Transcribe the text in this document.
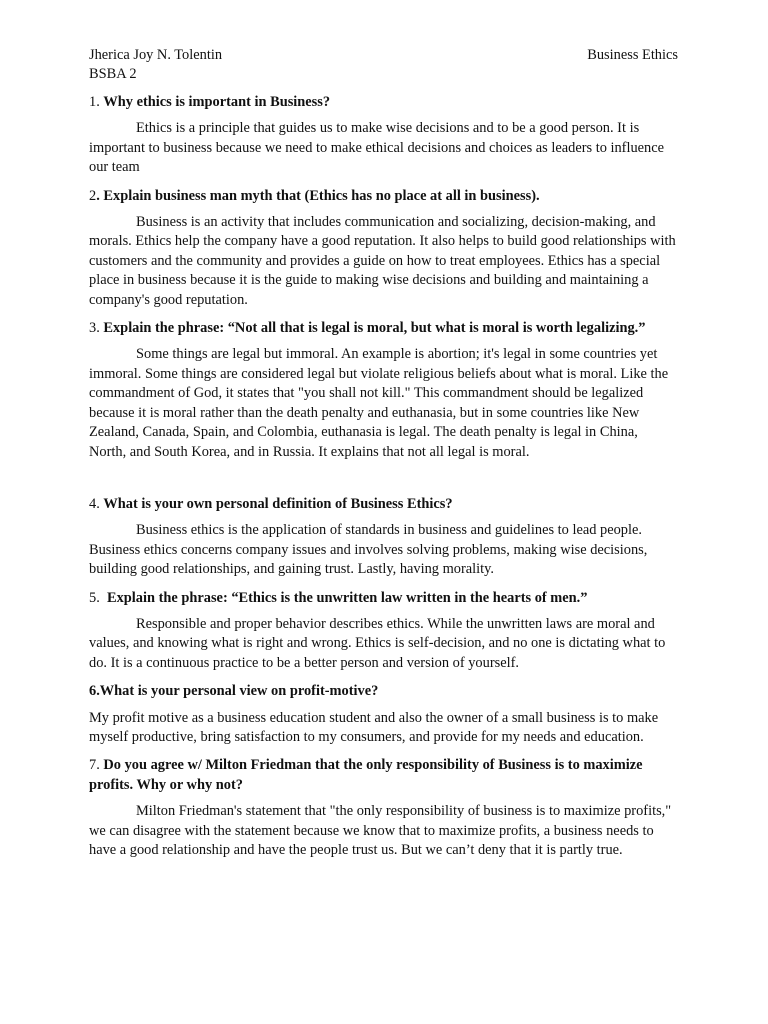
Jherica Joy N. Tolentin	Business Ethics
BSBA 2

1. Why ethics is important in Business?

Ethics is a principle that guides us to make wise decisions and to be a good person. It is important to business because we need to make ethical decisions and choices as leaders to influence our team

2. Explain business man myth that (Ethics has no place at all in business).

Business is an activity that includes communication and socializing, decision-making, and morals. Ethics help the company have a good reputation. It also helps to build good relationships with customers and the community and provides a guide on how to treat employees. Ethics has a special place in business because it is the guide to making wise decisions and building and maintaining a company's good reputation.

3. Explain the phrase: “Not all that is legal is moral, but what is moral is worth legalizing.”

Some things are legal but immoral. An example is abortion; it's legal in some countries yet immoral. Some things are considered legal but violate religious beliefs about what is moral. Like the commandment of God, it states that "you shall not kill." This commandment should be legalized because it is moral rather than the death penalty and euthanasia, but in some countries like New Zealand, Canada, Spain, and Colombia, euthanasia is legal. The death penalty is legal in China, North, and South Korea, and in Russia. It explains that not all legal is moral.

4. What is your own personal definition of Business Ethics?

Business ethics is the application of standards in business and guidelines to lead people. Business ethics concerns company issues and involves solving problems, making wise decisions, building good relationships, and gaining trust. Lastly, having morality.

5.  Explain the phrase: “Ethics is the unwritten law written in the hearts of men.”

Responsible and proper behavior describes ethics. While the unwritten laws are moral and values, and knowing what is right and wrong. Ethics is self-decision, and no one is dictating what to do. It is a continuous practice to be a better person and version of yourself.

6.What is your personal view on profit-motive?

My profit motive as a business education student and also the owner of a small business is to make myself productive, bring satisfaction to my consumers, and provide for my needs and education.

7. Do you agree w/ Milton Friedman that the only responsibility of Business is to maximize profits. Why or why not?

Milton Friedman's statement that "the only responsibility of business is to maximize profits," we can disagree with the statement because we know that to maximize profits, a business needs to have a good relationship and have the people trust us. But we can’t deny that it is partly true.
